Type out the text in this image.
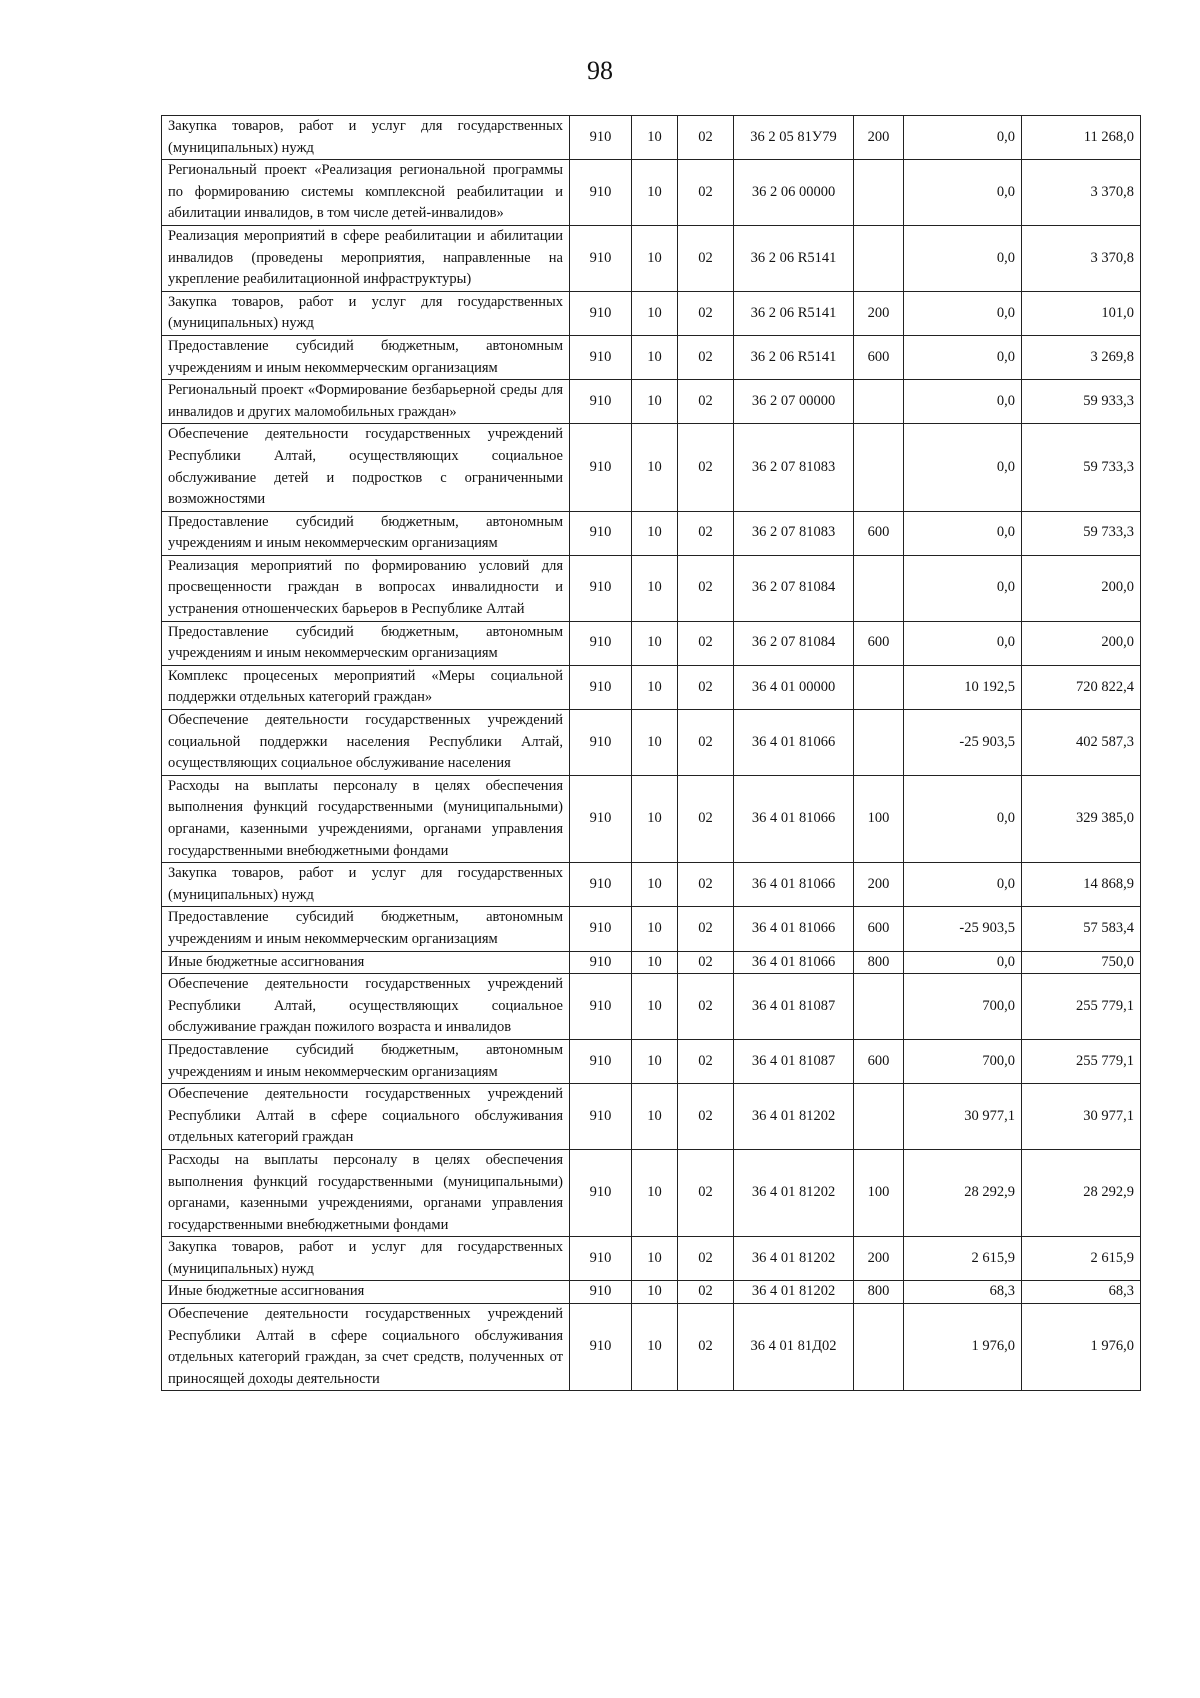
98
Закупка товаров, работ и услуг для государственных (муниципальных) нужд	910	10	02	36 2 05 81У79	200	0,0	11 268,0
Региональный проект «Реализация региональной программы по формированию системы комплексной реабилитации и абилитации инвалидов, в том числе детей-инвалидов»	910	10	02	36 2 06 00000		0,0	3 370,8
Реализация мероприятий в сфере реабилитации и абилитации инвалидов (проведены мероприятия, направленные на укрепление реабилитационной инфраструктуры)	910	10	02	36 2 06 R5141		0,0	3 370,8
Закупка товаров, работ и услуг для государственных (муниципальных) нужд	910	10	02	36 2 06 R5141	200	0,0	101,0
Предоставление субсидий бюджетным, автономным учреждениям и иным некоммерческим организациям	910	10	02	36 2 06 R5141	600	0,0	3 269,8
Региональный проект «Формирование безбарьерной среды для инвалидов и других маломобильных граждан»	910	10	02	36 2 07 00000		0,0	59 933,3
Обеспечение деятельности государственных учреждений Республики Алтай, осуществляющих социальное обслуживание детей и подростков с ограниченными возможностями	910	10	02	36 2 07 81083		0,0	59 733,3
Предоставление субсидий бюджетным, автономным учреждениям и иным некоммерческим организациям	910	10	02	36 2 07 81083	600	0,0	59 733,3
Реализация мероприятий по формированию условий для просвещенности граждан в вопросах инвалидности и устранения отношенческих барьеров в Республике Алтай	910	10	02	36 2 07 81084		0,0	200,0
Предоставление субсидий бюджетным, автономным учреждениям и иным некоммерческим организациям	910	10	02	36 2 07 81084	600	0,0	200,0
Комплекс процесеных мероприятий «Меры социальной поддержки отдельных категорий граждан»	910	10	02	36 4 01 00000		10 192,5	720 822,4
Обеспечение деятельности государственных учреждений социальной поддержки населения Республики Алтай, осуществляющих социальное обслуживание населения	910	10	02	36 4 01 81066		-25 903,5	402 587,3
Расходы на выплаты персоналу в целях обеспечения выполнения функций государственными (муниципальными) органами, казенными учреждениями, органами управления государственными внебюджетными фондами	910	10	02	36 4 01 81066	100	0,0	329 385,0
Закупка товаров, работ и услуг для государственных (муниципальных) нужд	910	10	02	36 4 01 81066	200	0,0	14 868,9
Предоставление субсидий бюджетным, автономным учреждениям и иным некоммерческим организациям	910	10	02	36 4 01 81066	600	-25 903,5	57 583,4
Иные бюджетные ассигнования	910	10	02	36 4 01 81066	800	0,0	750,0
Обеспечение деятельности государственных учреждений Республики Алтай, осуществляющих социальное обслуживание граждан пожилого возраста и инвалидов	910	10	02	36 4 01 81087		700,0	255 779,1
Предоставление субсидий бюджетным, автономным учреждениям и иным некоммерческим организациям	910	10	02	36 4 01 81087	600	700,0	255 779,1
Обеспечение деятельности государственных учреждений Республики Алтай в сфере социального обслуживания отдельных категорий граждан	910	10	02	36 4 01 81202		30 977,1	30 977,1
Расходы на выплаты персоналу в целях обеспечения выполнения функций государственными (муниципальными) органами, казенными учреждениями, органами управления государственными внебюджетными фондами	910	10	02	36 4 01 81202	100	28 292,9	28 292,9
Закупка товаров, работ и услуг для государственных (муниципальных) нужд	910	10	02	36 4 01 81202	200	2 615,9	2 615,9
Иные бюджетные ассигнования	910	10	02	36 4 01 81202	800	68,3	68,3
Обеспечение деятельности государственных учреждений Республики Алтай в сфере социального обслуживания отдельных категорий граждан, за счет средств, полученных от приносящей доходы деятельности	910	10	02	36 4 01 81Д02		1 976,0	1 976,0
